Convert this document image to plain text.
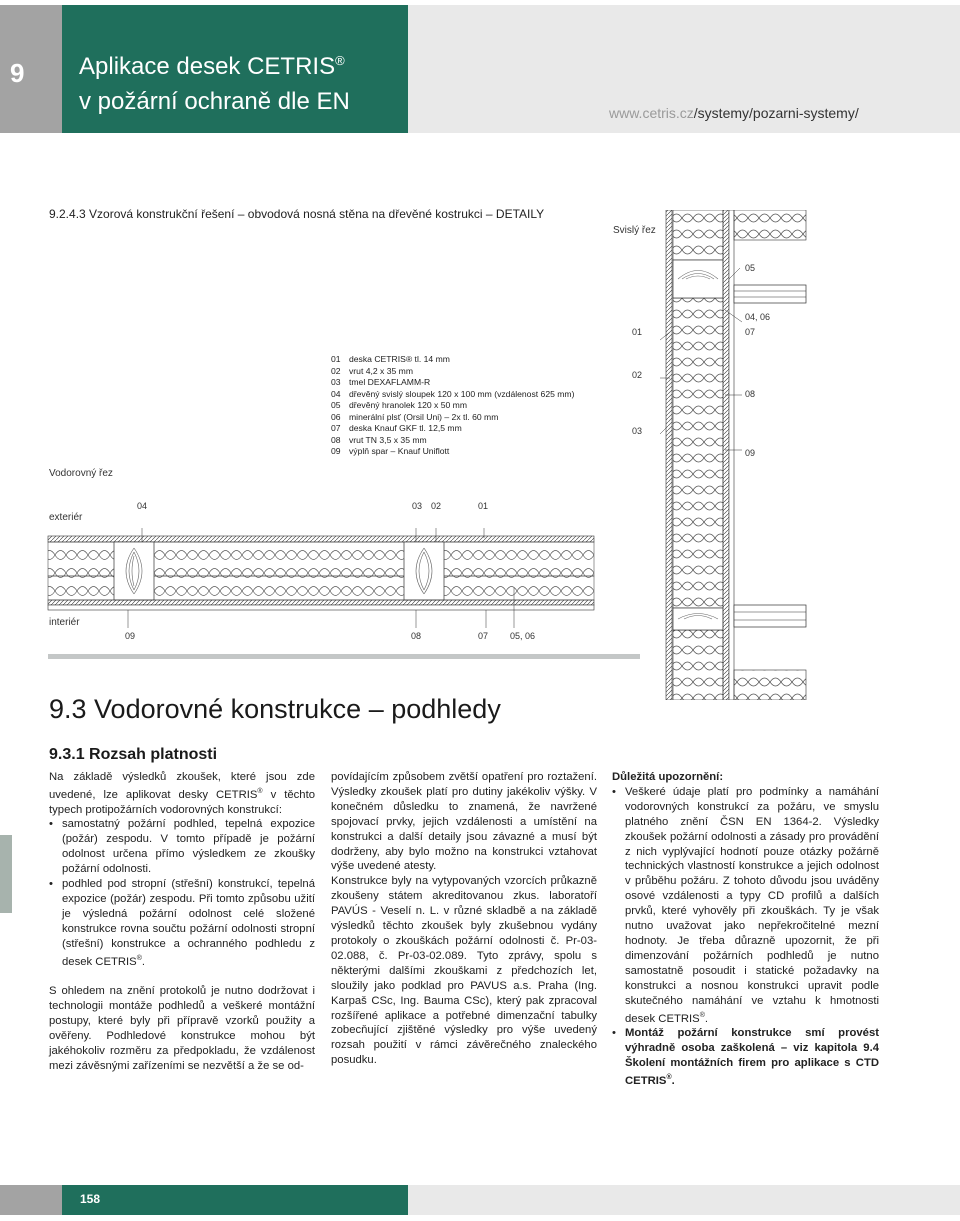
9 Aplikace desek CETRIS®
v požární ochraně dle EN	www.cetris.cz/systemy/pozarni-systemy/
9.2.4.3 Vzorová konstrukční řešení – obvodová nosná stěna na dřevěné kostrukci – DETAILY
Svislý řez
05
04, 06
07
08
09
01
02
03
01 deska CETRIS® tl. 14 mm
02 vrut 4,2 x 35 mm
03 tmel DEXAFLAMM-R
04 dřevěný svislý sloupek 120 x 100 mm (vzdálenost 625 mm)
05 dřevěný hranolek 120 x 50 mm
06 minerální plsť (Orsil Uni) – 2x tl. 60 mm
07 deska Knauf GKF tl. 12,5 mm
08 vrut TN 3,5 x 35 mm
09 výplň spar – Knauf Uniflott
Vodorovný řez
exteriér
interiér
04	03 02	01
09	08	07 05, 06
9.3 Vodorovné konstrukce – podhledy
9.3.1 Rozsah platnosti

Na základě výsledků zkoušek, které jsou zde uvedené, lze aplikovat desky CETRIS® v těchto typech protipožárních vodorovných konstrukcí:

• samostatný požární podhled, tepelná expozice (požár) zespodu. V tomto případě je požární odolnost určena přímo výsledkem ze zkoušky požární odolnosti.
• podhled pod stropní (střešní) konstrukcí, tepelná expozice (požár) zespodu. Při tomto způsobu užití je výsledná požární odolnost celé složené konstrukce rovna součtu požární odolnosti stropní (střešní) konstrukce a ochranného podhledu z desek CETRIS®.

S ohledem na znění protokolů je nutno dodržovat i technologii montáže podhledů a veškeré montážní postupy, které byly při přípravě vzorků použity a ověřeny. Podhledové konstrukce mohou být jakéhokoliv rozměru za předpokladu, že vzdálenost mezi závěsnými zařízeními se nezvětší a že se od-

povídajícím způsobem zvětší opatření pro roztažení. Výsledky zkoušek platí pro dutiny jakékoliv výšky. V konečném důsledku to znamená, že navržené spojovací prvky, jejich vzdálenosti a umístění na konstrukci a další detaily jsou závazné a musí být dodrženy, aby bylo možno na konstrukci vztahovat výše uvedené atesty.

Konstrukce byly na vytypovaných vzorcích průkazně zkoušeny státem akreditovanou zkus. laboratoří PAVÚS - Veselí n. L. v různé skladbě a na základě výsledků těchto zkoušek byly zkušebnou vydány protokoly o zkouškách požární odolnosti č. Pr-03-02.088, č. Pr-03-02.089. Tyto zprávy, spolu s některými dalšími zkouškami z předchozích let, sloužily jako podklad pro PAVUS a.s. Praha (Ing. Karpaš CSc, Ing. Bauma CSc), který pak zpracoval rozšířené aplikace a potřebné dimenzační tabulky zobecňující zjištěné výsledky pro výše uvedený rozsah použití v rámci závěrečného znaleckého posudku.

Důležitá upozornění:

• Veškeré údaje platí pro podmínky a namáhání vodorovných konstrukcí za požáru, ve smyslu platného znění ČSN EN 1364-2. Výsledky zkoušek požární odolnosti a zásady pro provádění z nich vyplývající hodnotí pouze otázky požárně technických vlastností konstrukce a jejich odolnost v průběhu požáru. Z tohoto důvodu jsou uváděny osové vzdálenosti a typy CD profilů a dalších prvků, které vyhověly při zkouškách. Ty je však nutno uvažovat jako nepřekročitelné mezní hodnoty. Je třeba důrazně upozornit, že při dimenzování požárních podhledů je nutno samostatně posoudit i statické požadavky na konstrukci a nosnou konstrukci upravit podle skutečného namáhání ve vztahu k hmotnosti desek CETRIS®.
• Montáž požární konstrukce smí provést výhradně osoba zaškolená – viz kapitola 9.4 Školení montážních firem pro aplikace s CTD CETRIS®.
158
